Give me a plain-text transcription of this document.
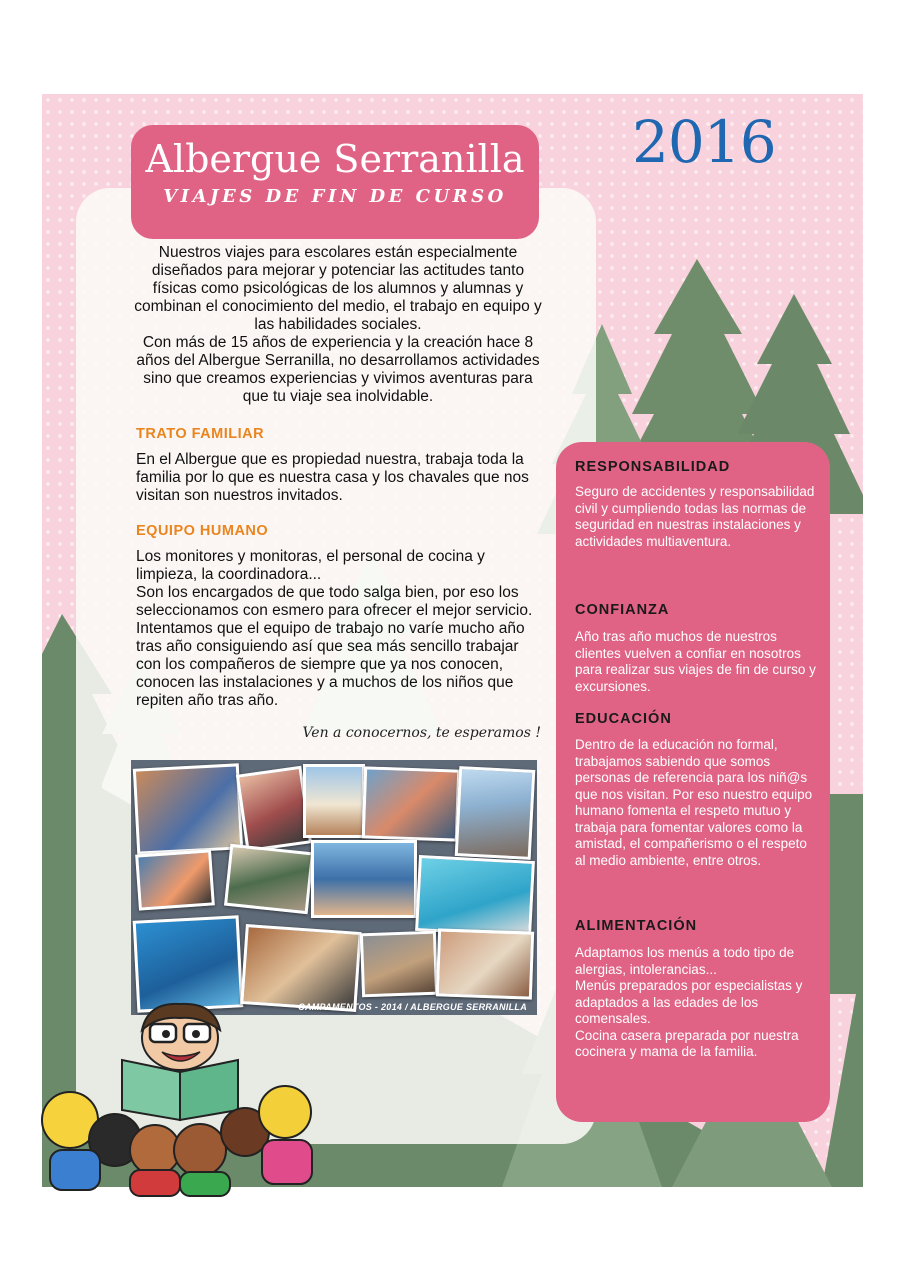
Albergue Serranilla
VIAJES DE FIN DE CURSO
2016

Nuestros viajes para escolares están especialmente diseñados para mejorar y potenciar las actitudes tanto físicas como psicológicas de los alumnos y alumnas y combinan el conocimiento del medio, el trabajo en equipo y las habilidades sociales.

Con más de 15 años de experiencia y la creación hace 8 años del Albergue Serranilla, no desarrollamos actividades sino que creamos experiencias y vivimos aventuras para que tu viaje sea inolvidable.

TRATO FAMILIAR

En el Albergue que es propiedad nuestra, trabaja toda la familia por lo que es nuestra casa y los chavales que nos visitan son nuestros invitados.

EQUIPO HUMANO

Los monitores y monitoras, el personal de cocina y limpieza, la coordinadora...

Son los encargados de que todo salga bien, por eso los seleccionamos con esmero para ofrecer el mejor servicio. Intentamos que el equipo de trabajo no varíe mucho año tras año consiguiendo así que sea más sencillo trabajar con los compañeros de siempre que ya nos conocen, conocen las instalaciones y a muchos de los niños que repiten año tras año.

Ven a conocernos, te esperamos !
CAMPAMENTOS - 2014 / ALBERGUE SERRANILLA
RESPONSABILIDAD

Seguro de accidentes y responsabilidad civil y cumpliendo todas las normas de seguridad en nuestras instalaciones y actividades multiaventura.

CONFIANZA

Año tras año muchos de nuestros clientes vuelven a confiar en nosotros para realizar sus viajes de fin de curso y excursiones.

EDUCACIÓN

Dentro de la educación no formal, trabajamos sabiendo que somos personas de referencia para los niñ@s que nos visitan. Por eso nuestro equipo humano fomenta el respeto mutuo y trabaja para fomentar valores como la amistad, el compañerismo o el respeto al medio ambiente, entre otros.

ALIMENTACIÓN

Adaptamos los menús a todo tipo de alergias, intolerancias...

Menús preparados por especialistas y adaptados a las edades de los comensales.

Cocina casera preparada por nuestra cocinera y mama de la familia.
